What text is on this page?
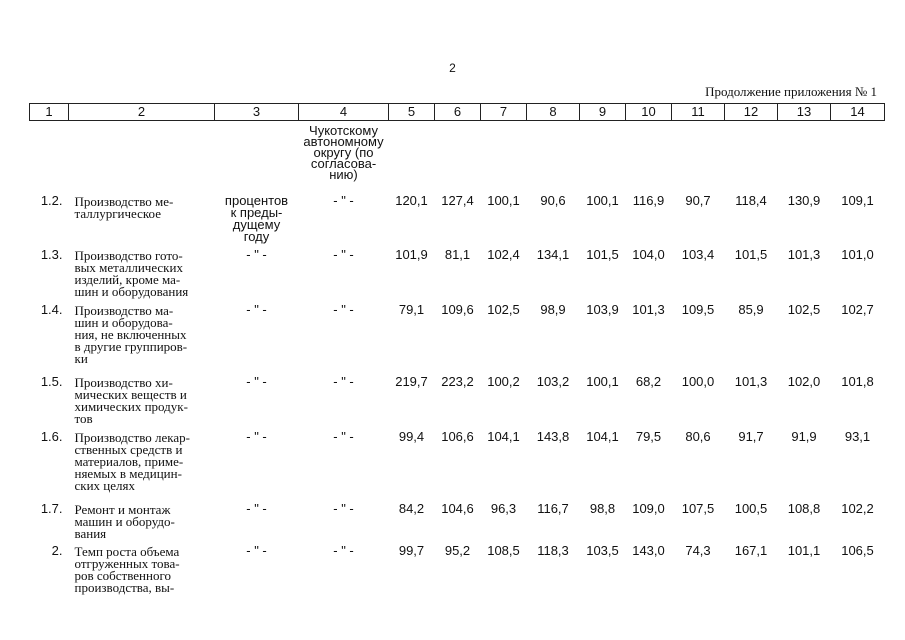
2
Продолжение приложения № 1
1	2	3	4	5	6	7	8	9	10	11	12	13	14

			Чукотскому
автономному
округу (по
согласова-
нию)										

1.2.	Производство ме-
таллургическое	процентов
к преды-
дущему
году	- " -	120,1	127,4	100,1	90,6	100,1	116,9	90,7	118,4	130,9	109,1
1.3.	Производство гото-
вых металлических
изделий, кроме ма-
шин и оборудования	- " -	- " -	101,9	81,1	102,4	134,1	101,5	104,0	103,4	101,5	101,3	101,0
1.4.	Производство ма-
шин и оборудова-
ния, не включенных
в другие группиров-
ки	- " -	- " -	79,1	109,6	102,5	98,9	103,9	101,3	109,5	85,9	102,5	102,7
1.5.	Производство хи-
мических веществ и
химических продук-
тов	- " -	- " -	219,7	223,2	100,2	103,2	100,1	68,2	100,0	101,3	102,0	101,8
1.6.	Производство лекар-
ственных средств и
материалов, приме-
няемых в медицин-
ских целях	- " -	- " -	99,4	106,6	104,1	143,8	104,1	79,5	80,6	91,7	91,9	93,1
1.7.	Ремонт и монтаж
машин и оборудо-
вания	- " -	- " -	84,2	104,6	96,3	116,7	98,8	109,0	107,5	100,5	108,8	102,2
2.	Темп роста объема
отгруженных това-
ров собственного
производства, вы-	- " -	- " -	99,7	95,2	108,5	118,3	103,5	143,0	74,3	167,1	101,1	106,5
